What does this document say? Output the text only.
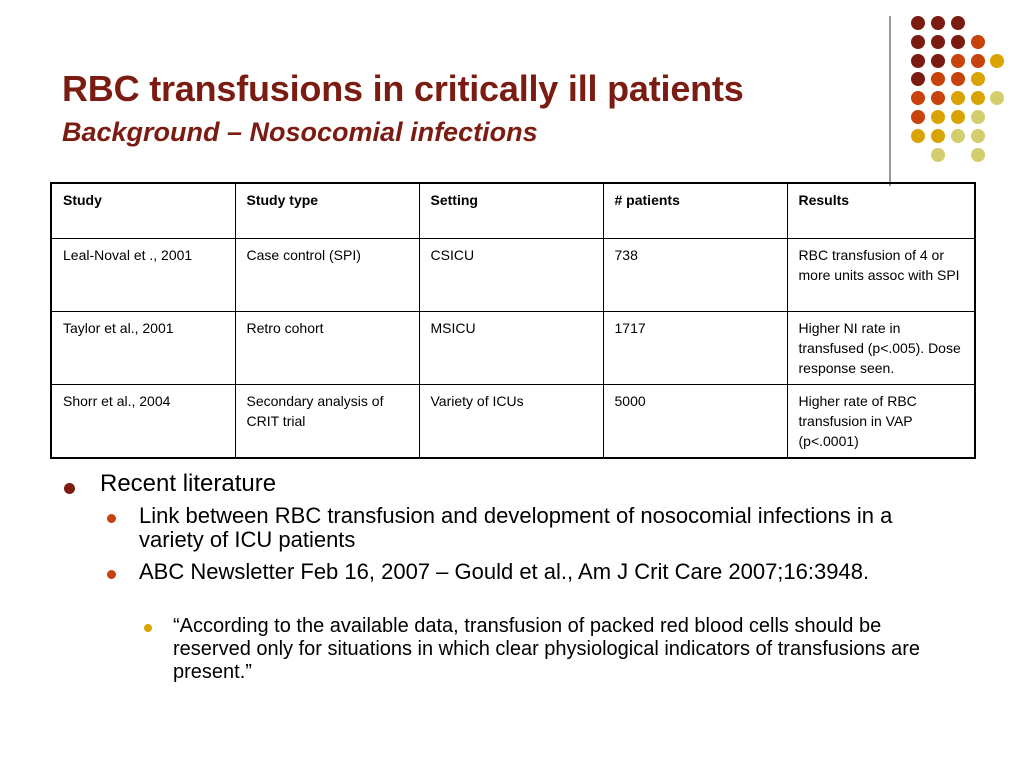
RBC transfusions in critically ill patients
Background – Nosocomial infections
Study	Study type	Setting	# patients	Results
Leal-Noval et ., 2001	Case control (SPI)	CSICU	738	RBC transfusion of 4 or more units assoc with SPI
Taylor et al., 2001	Retro cohort	MSICU	1717	Higher NI rate in transfused (p<.005). Dose response seen.
Shorr et al., 2004	Secondary analysis of CRIT trial	Variety of ICUs	5000	Higher rate of RBC transfusion in VAP (p<.0001)
Recent literature
Link between RBC transfusion and development of nosocomial infections in a variety of ICU patients
ABC Newsletter Feb 16, 2007 – Gould et al., Am J Crit Care 2007;16:3948.
“According to the available data, transfusion of packed red blood cells should be reserved only for situations in which clear physiological indicators of transfusions are present.”
